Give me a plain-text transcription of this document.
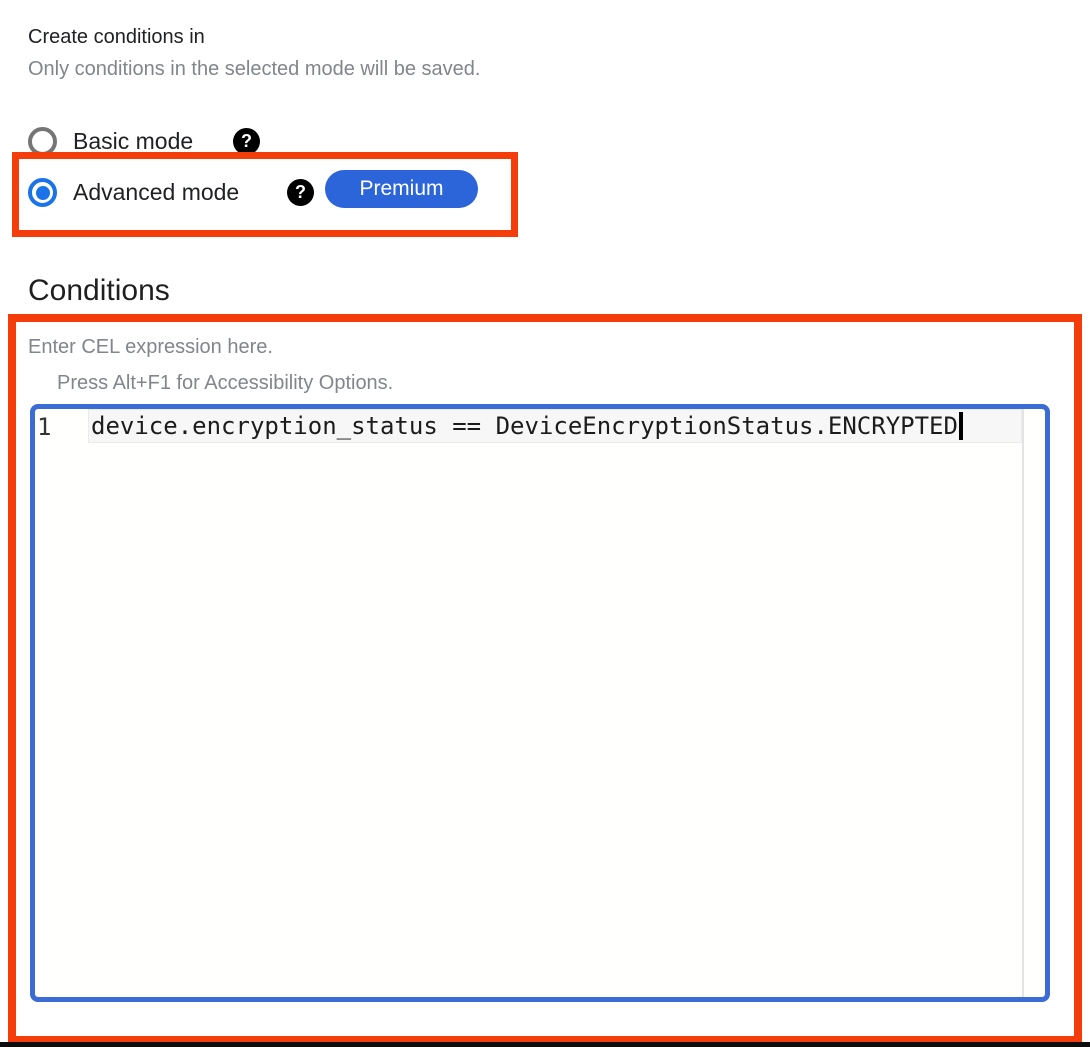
Create conditions in
Only conditions in the selected mode will be saved.
Basic mode	?
Advanced mode	?	Premium
Conditions
Enter CEL expression here.
Press Alt+F1 for Accessibility Options.
1	device.encryption_status == DeviceEncryptionStatus.ENCRYPTED
